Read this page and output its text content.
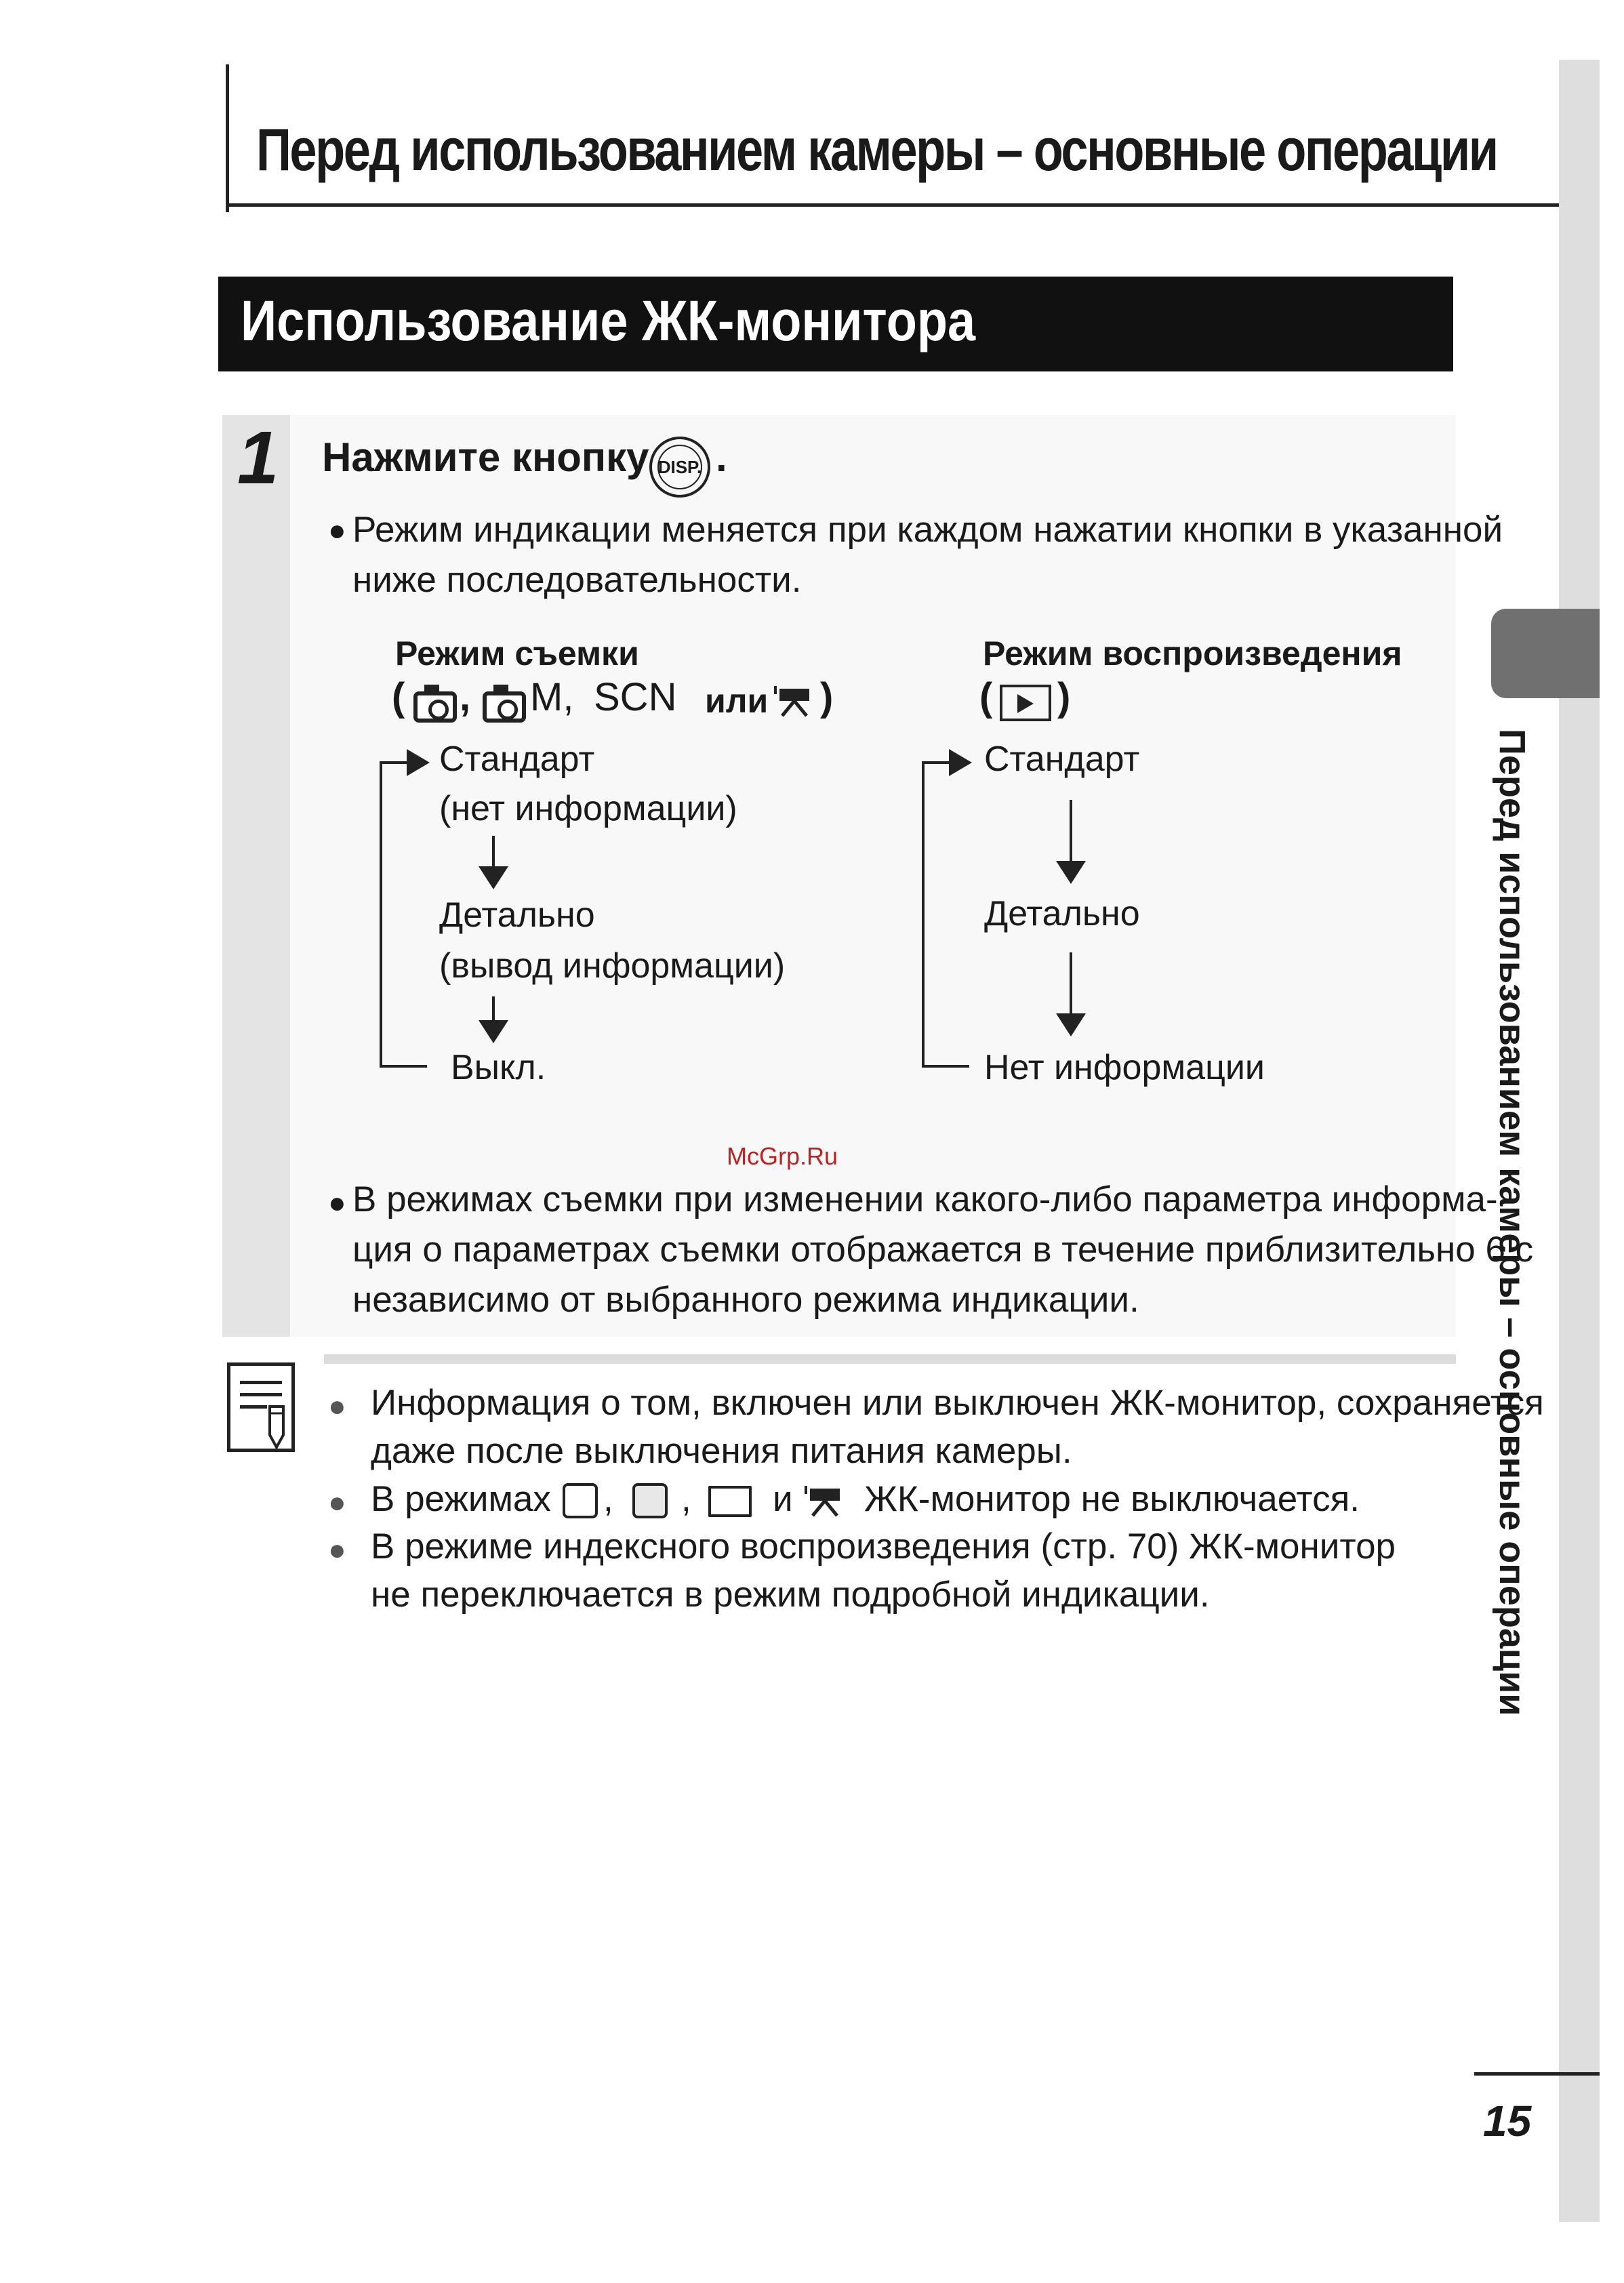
Перед использованием камеры – основные операции
Перед использованием камеры – основные операции
Использование ЖК-монитора
1 Нажмите кнопку DISP. .
● Режим индикации меняется при каждом нажатии кнопки в указанной
ниже последовательности.
Режим съемки
( , M, SCN или )
Стандарт
(нет информации)
Детально
(вывод информации)
Выкл.
Режим воспроизведения
( )
Стандарт
Детально
Нет информации
McGrp.Ru
● В режимах съемки при изменении какого-либо параметра информа-
ция о параметрах съемки отображается в течение приблизительно 6 с
независимо от выбранного режима индикации.
● Информация о том, включен или выключен ЖК-монитор, сохраняется
даже после выключения питания камеры.
● В режимах , , и ЖК-монитор не выключается.
● В режиме индексного воспроизведения (стр. 70) ЖК-монитор
не переключается в режим подробной индикации.
15
